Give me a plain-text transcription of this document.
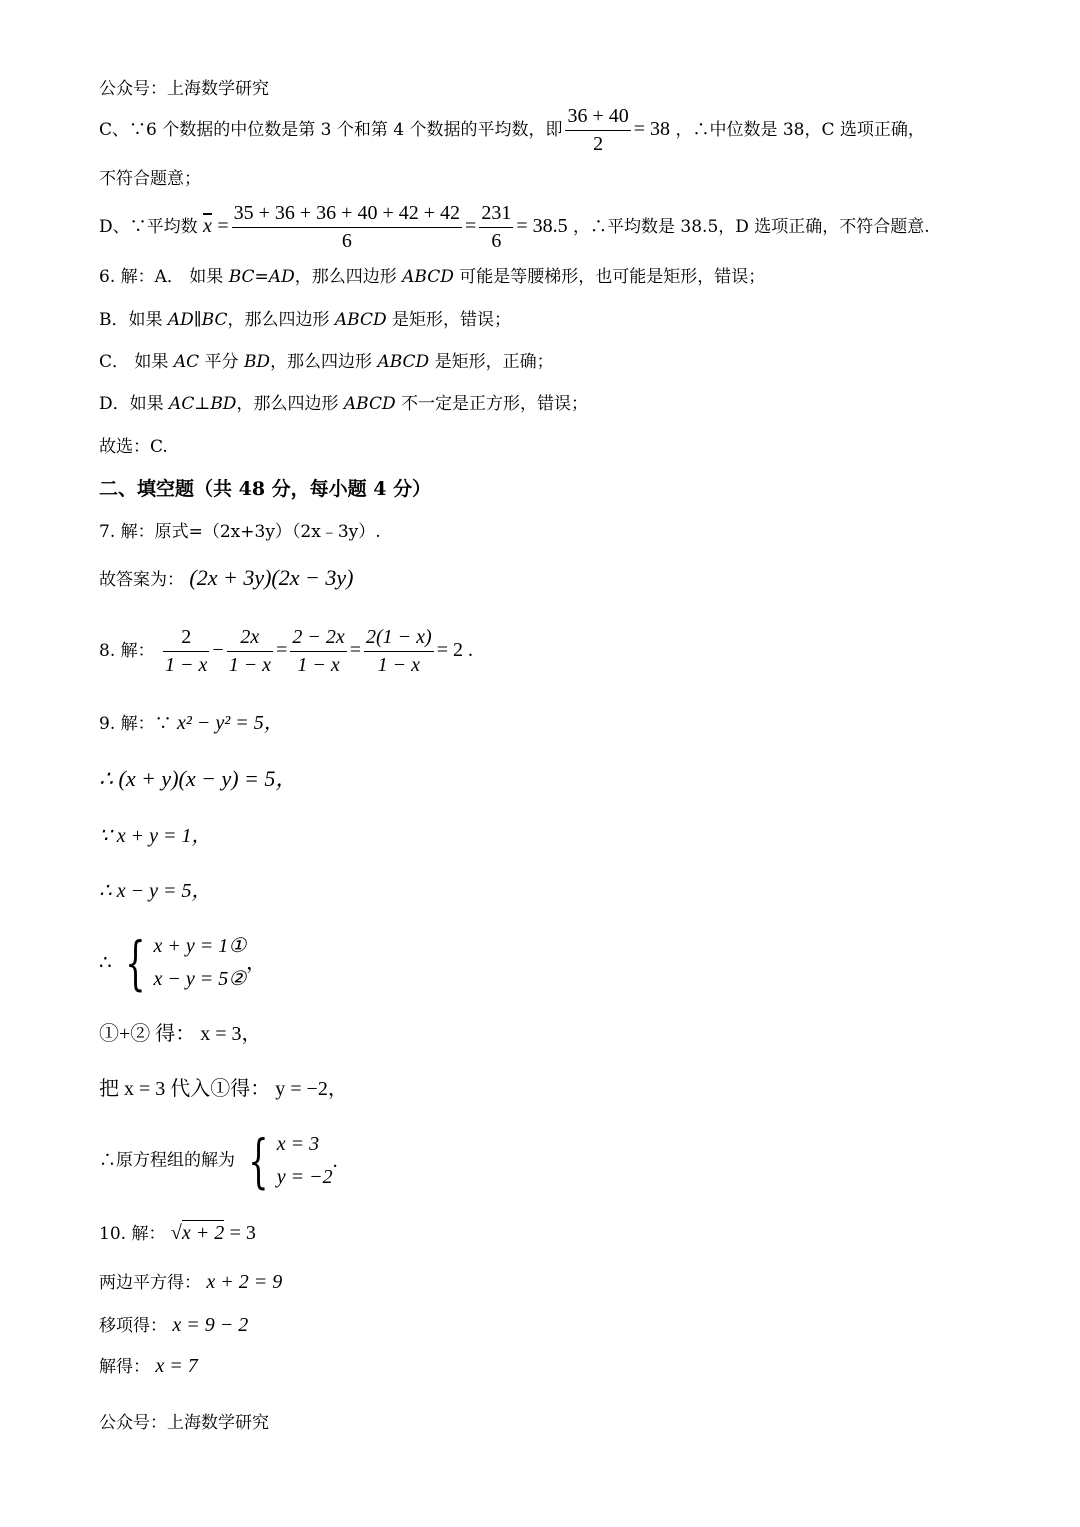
公众号：上海数学研究
C、∵6 个数据的中位数是第 3 个和第 4 个数据的平均数，即 $\frac{36 + 40}{2} = 38$ ，∴中位数是 38，C 选项正确，
不符合题意；
D、∵平均数 $\overline{x} = \frac{35 + 36 + 36 + 40 + 42 + 42}{6} = \frac{231}{6} = 38.5$ ，∴平均数是 38.5，D 选项正确，不符合题意.
6. 解：A． 如果 BC=AD，那么四边形 ABCD 可能是等腰梯形，也可能是矩形，错误；
B．如果 AD∥BC，那么四边形 ABCD 是矩形，错误；
C． 如果 AC 平分 BD，那么四边形 ABCD 是矩形，正确；
D．如果 AC⊥BD，那么四边形 ABCD 不一定是正方形，错误；
故选：C.
二、填空题（共 48 分，每小题 4 分）
7. 解：原式=（2x+3y）（2x﹣3y）.
故答案为： (2x + 3y)(2x − 3y)
8. 解： $\frac{2}{1 - x} - \frac{2x}{1 - x} = \frac{2 - 2x}{1 - x} = \frac{2(1 - x)}{1 - x} = 2$ .
9. 解：∵ x² − y² = 5，
∴ (x + y)(x − y) = 5，
∵ x + y = 1，
∴ x − y = 5，
∴ { x + y = 1①
x − y = 5②
，
①+② 得： x = 3，
把 x = 3 代入①得： y = −2，
∴原方程组的解为 { x = 3
y = −2
.
10. 解： √x + 2 = 3
两边平方得： x + 2 = 9
移项得： x = 9 − 2
解得： x = 7
公众号：上海数学研究
